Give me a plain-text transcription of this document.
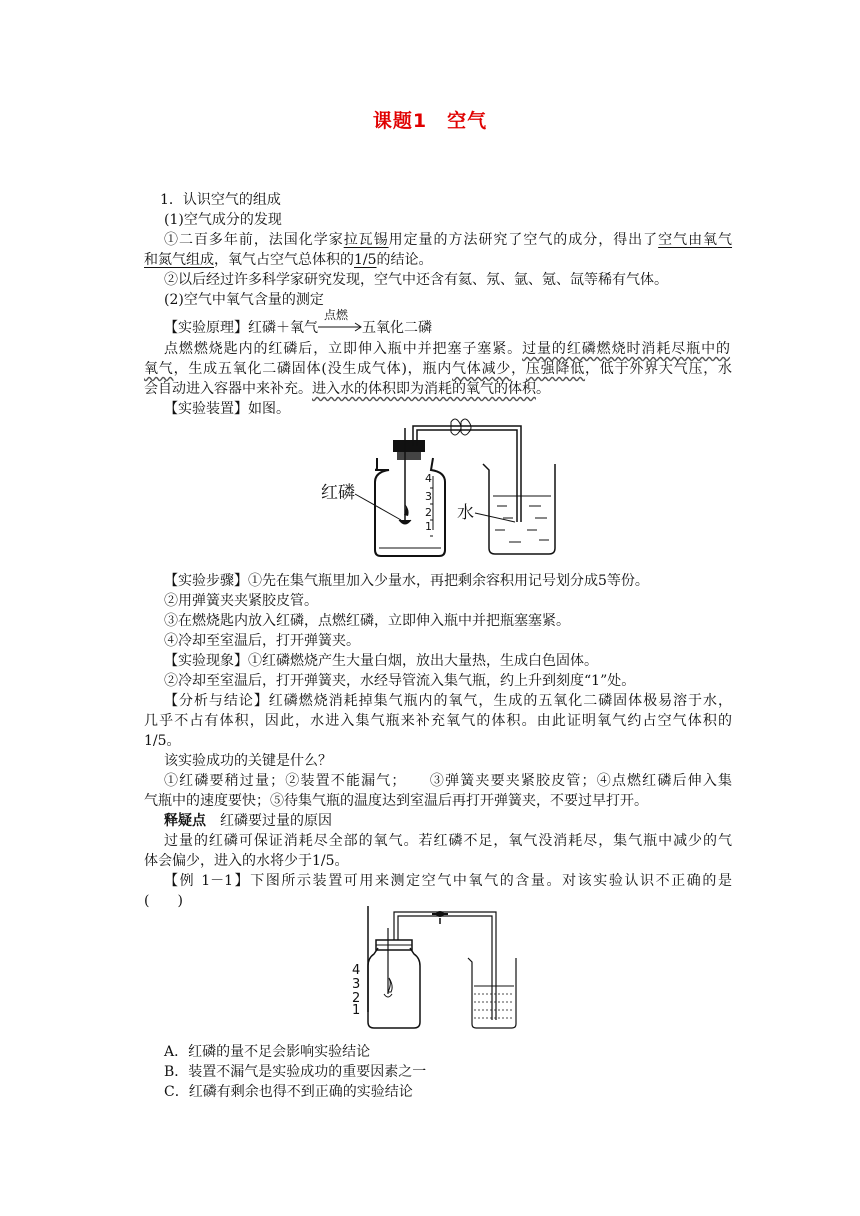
课题1　空气
1．认识空气的组成
(1)空气成分的发现
①二百多年前，法国化学家拉瓦锡用定量的方法研究了空气的成分，得出了空气由氧气
和氮气组成，氧气占空气总体积的1/5的结论。
②以后经过许多科学家研究发现，空气中还含有氦、氖、氩、氪、氙等稀有气体。
(2)空气中氧气含量的测定
【实验原理】红磷＋氧气
点燃
五氧化二磷
点燃燃烧匙内的红磷后，立即伸入瓶中并把塞子塞紧。过量的红磷燃烧时消耗尽瓶中的
氧气，生成五氧化二磷固体(没生成气体)，瓶内气体减少，压强降低，低于外界大气压，水
会自动进入容器中来补充。进入水的体积即为消耗的氧气的体积。
【实验装置】如图。
4
3
2
1
红磷
水
【实验步骤】①先在集气瓶里加入少量水，再把剩余容积用记号划分成5等份。
②用弹簧夹夹紧胶皮管。
③在燃烧匙内放入红磷，点燃红磷，立即伸入瓶中并把瓶塞塞紧。
④冷却至室温后，打开弹簧夹。
【实验现象】①红磷燃烧产生大量白烟，放出大量热，生成白色固体。
②冷却至室温后，打开弹簧夹，水经导管流入集气瓶，约上升到刻度“1”处。
【分析与结论】红磷燃烧消耗掉集气瓶内的氧气，生成的五氧化二磷固体极易溶于水，
几乎不占有体积，因此，水进入集气瓶来补充氧气的体积。由此证明氧气约占空气体积的
1/5。
该实验成功的关键是什么？
①红磷要稍过量；②装置不能漏气；　　③弹簧夹要夹紧胶皮管；④点燃红磷后伸入集
气瓶中的速度要快；⑤待集气瓶的温度达到室温后再打开弹簧夹，不要过早打开。
释疑点　红磷要过量的原因
过量的红磷可保证消耗尽全部的氧气。若红磷不足，氧气没消耗尽，集气瓶中减少的气
体会偏少，进入的水将少于1/5。
【例 1－1】下图所示装置可用来测定空气中氧气的含量。对该实验认识不正确的是
(　　)
4
3
2
1
A．红磷的量不足会影响实验结论
B．装置不漏气是实验成功的重要因素之一
C．红磷有剩余也得不到正确的实验结论
